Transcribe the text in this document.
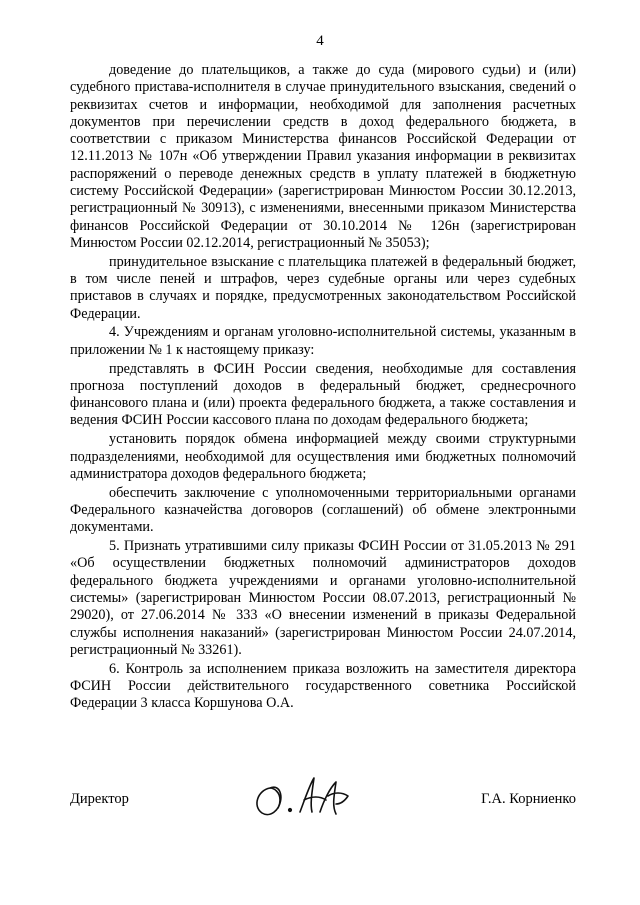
4

доведение до плательщиков, а также до суда (мирового судьи) и (или) судебного пристава-исполнителя в случае принудительного взыскания, сведений о реквизитах счетов и информации, необходимой для заполнения расчетных документов при перечислении средств в доход федерального бюджета, в соответствии с приказом Министерства финансов Российской Федерации от 12.11.2013 № 107н «Об утверждении Правил указания информации в реквизитах распоряжений о переводе денежных средств в уплату платежей в бюджетную систему Российской Федерации» (зарегистрирован Минюстом России 30.12.2013, регистрационный № 30913), с изменениями, внесенными приказом Министерства финансов Российской Федерации от 30.10.2014 № 126н (зарегистрирован Минюстом России 02.12.2014, регистрационный № 35053);

принудительное взыскание с плательщика платежей в федеральный бюджет, в том числе пеней и штрафов, через судебные органы или через судебных приставов в случаях и порядке, предусмотренных законодательством Российской Федерации.

4. Учреждениям и органам уголовно-исполнительной системы, указанным в приложении № 1 к настоящему приказу:

представлять в ФСИН России сведения, необходимые для составления прогноза поступлений доходов в федеральный бюджет, среднесрочного финансового плана и (или) проекта федерального бюджета, а также составления и ведения ФСИН России кассового плана по доходам федерального бюджета;

установить порядок обмена информацией между своими структурными подразделениями, необходимой для осуществления ими бюджетных полномочий администратора доходов федерального бюджета;

обеспечить заключение с уполномоченными территориальными органами Федерального казначейства договоров (соглашений) об обмене электронными документами.

5. Признать утратившими силу приказы ФСИН России от 31.05.2013 № 291 «Об осуществлении бюджетных полномочий администраторов доходов федерального бюджета учреждениями и органами уголовно-исполнительной системы» (зарегистрирован Минюстом России 08.07.2013, регистрационный № 29020), от 27.06.2014 № 333 «О внесении изменений в приказы Федеральной службы исполнения наказаний» (зарегистрирован Минюстом России 24.07.2014, регистрационный № 33261).

6. Контроль за исполнением приказа возложить на заместителя директора ФСИН России действительного государственного советника Российской Федерации 3 класса Коршунова О.А.

Директор	Г.А. Корниенко
